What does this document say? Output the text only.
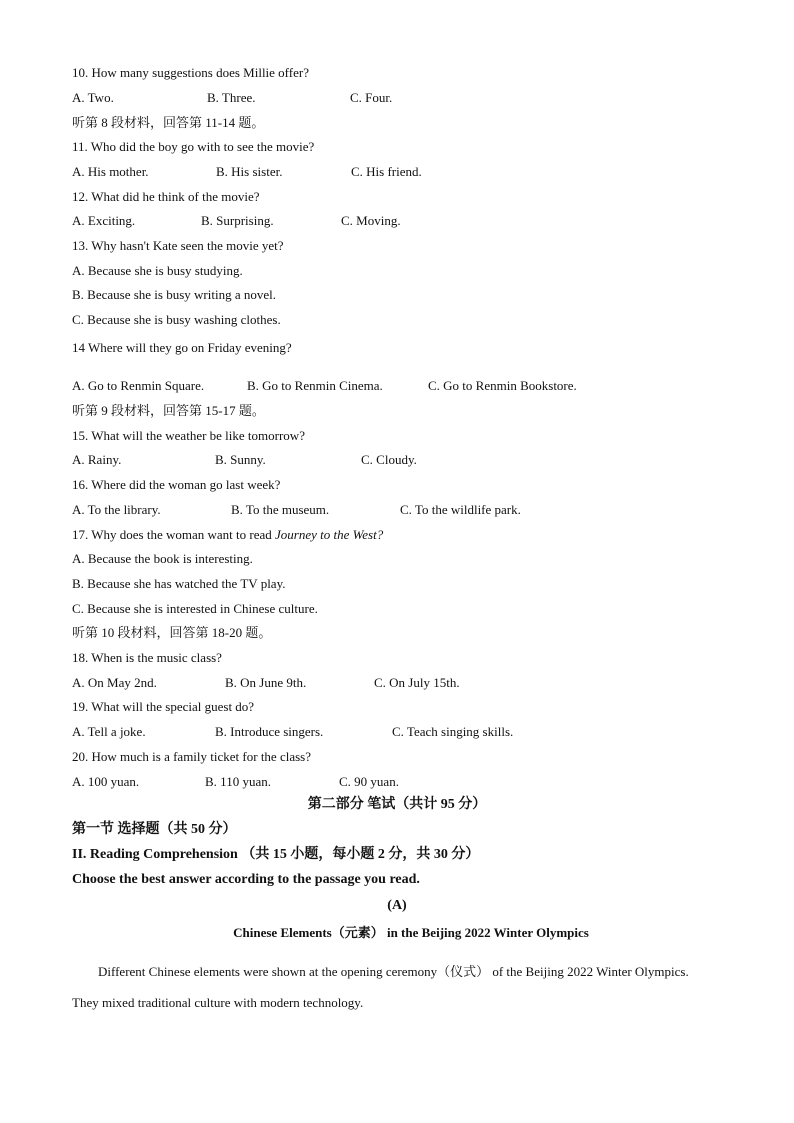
10. How many suggestions does Millie offer?
A. Two.	B. Three.	C. Four.
听第 8 段材料，回答第 11-14 题。
11. Who did the boy go with to see the movie?
A. His mother.	B. His sister.	C. His friend.
12. What did he think of the movie?
A. Exciting.	B. Surprising.	C. Moving.
13. Why hasn't Kate seen the movie yet?
A. Because she is busy studying.
B. Because she is busy writing a novel.
C. Because she is busy washing clothes.
14 Where will they go on Friday evening?
A. Go to Renmin Square.	B. Go to Renmin Cinema.	C. Go to Renmin Bookstore.
听第 9 段材料，回答第 15-17 题。
15. What will the weather be like tomorrow?
A. Rainy.	B. Sunny.	C. Cloudy.
16. Where did the woman go last week?
A. To the library.	B. To the museum.	C. To the wildlife park.
17. Why does the woman want to read Journey to the West?
A. Because the book is interesting.
B. Because she has watched the TV play.
C. Because she is interested in Chinese culture.
听第 10 段材料，回答第 18-20 题。
18. When is the music class?
A. On May 2nd.	B. On June 9th.	C. On July 15th.
19. What will the special guest do?
A. Tell a joke.	B. Introduce singers.	C. Teach singing skills.
20. How much is a family ticket for the class?
A. 100 yuan.	B. 110 yuan.	C. 90 yuan.
第二部分 笔试（共计 95 分）
第一节 选择题（共 50 分）
II. Reading Comprehension （共 15 小题，每小题 2 分，共 30 分）
Choose the best answer according to the passage you read.
(A)
Chinese Elements（元素） in the Beijing 2022 Winter Olympics
Different Chinese elements were shown at the opening ceremony（仪式） of the Beijing 2022 Winter Olympics. They mixed traditional culture with modern technology.
